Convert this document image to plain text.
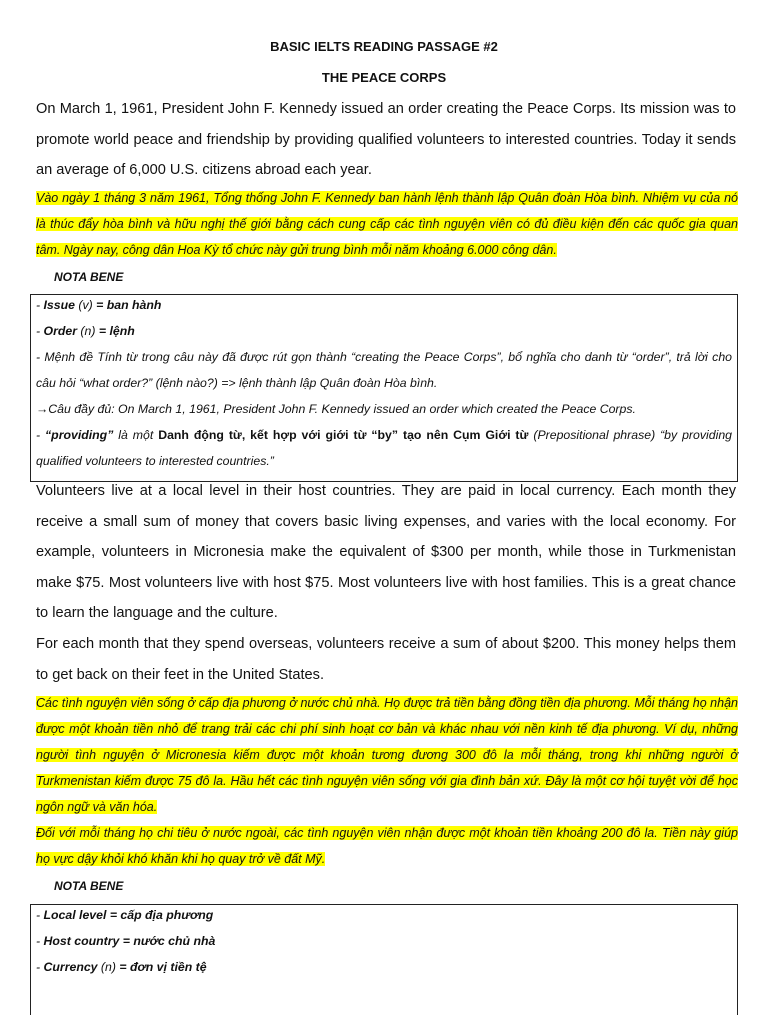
BASIC IELTS READING PASSAGE #2
THE PEACE CORPS

On March 1, 1961, President John F. Kennedy issued an order creating the Peace Corps. Its mission was to promote world peace and friendship by providing qualified volunteers to interested countries. Today it sends an average of 6,000 U.S. citizens abroad each year.

Vào ngày 1 tháng 3 năm 1961, Tổng thống John F. Kennedy ban hành lệnh thành lập Quân đoàn Hòa bình. Nhiệm vụ của nó là thúc đẩy hòa bình và hữu nghị thế giới bằng cách cung cấp các tình nguyện viên có đủ điều kiện đến các quốc gia quan tâm. Ngày nay, công dân Hoa Kỳ tổ chức này gửi trung bình mỗi năm khoảng 6.000 công dân.

NOTA BENE

- Issue (v) = ban hành

- Order (n) = lệnh

- Mệnh đề Tính từ trong câu này đã được rút gọn thành “creating the Peace Corps”, bổ nghĩa cho danh từ “order”, trả lời cho câu hỏi “what order?” (lệnh nào?) => lệnh thành lập Quân đoàn Hòa bình.

→Câu đầy đủ: On March 1, 1961, President John F. Kennedy issued an order which created the Peace Corps.

- “providing” là một Danh động từ, kết hợp với giới từ “by” tạo nên Cụm Giới từ (Prepositional phrase) “by providing qualified volunteers to interested countries.”

Volunteers live at a local level in their host countries. They are paid in local currency. Each month they receive a small sum of money that covers basic living expenses, and varies with the local economy. For example, volunteers in Micronesia make the equivalent of $300 per month, while those in Turkmenistan make $75. Most volunteers live with host $75. Most volunteers live with host families. This is a great chance to learn the language and the culture.

For each month that they spend overseas, volunteers receive a sum of about $200. This money helps them to get back on their feet in the United States.

Các tình nguyện viên sống ở cấp địa phương ở nước chủ nhà. Họ được trả tiền bằng đồng tiền địa phương. Mỗi tháng họ nhận được một khoản tiền nhỏ để trang trải các chi phí sinh hoạt cơ bản và khác nhau với nền kinh tế địa phương. Ví dụ, những người tình nguyện ở Micronesia kiếm được một khoản tương đương 300 đô la mỗi tháng, trong khi những người ở Turkmenistan kiếm được 75 đô la. Hầu hết các tình nguyện viên sống với gia đình bản xứ. Đây là một cơ hội tuyệt vời để học ngôn ngữ và văn hóa.

Đối với mỗi tháng họ chi tiêu ở nước ngoài, các tình nguyện viên nhận được một khoản tiền khoảng 200 đô la. Tiền này giúp họ vực dậy khỏi khó khăn khi họ quay trở về đất Mỹ.

NOTA BENE

- Local level = cấp địa phương

- Host country = nước chủ nhà

- Currency (n) = đơn vị tiền tệ
